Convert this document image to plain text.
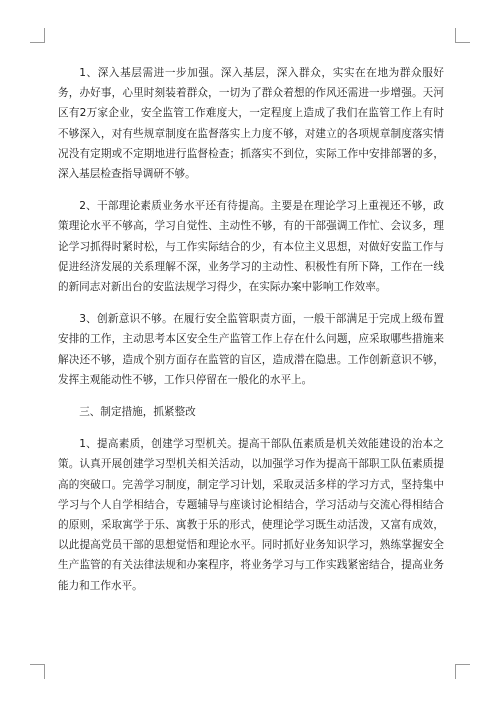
1、深入基层需进一步加强。深入基层，深入群众，实实在在地为群众服好务，办好事，心里时刻装着群众，一切为了群众着想的作风还需进一步增强。天河区有2万家企业，安全监管工作难度大，一定程度上造成了我们在监管工作上有时不够深入，对有些规章制度在监督落实上力度不够，对建立的各项规章制度落实情况没有定期或不定期地进行监督检查；抓落实不到位，实际工作中安排部署的多，深入基层检查指导调研不够。

2、干部理论素质业务水平还有待提高。主要是在理论学习上重视还不够，政策理论水平不够高，学习自觉性、主动性不够，有的干部强调工作忙、会议多，理论学习抓得时紧时松，与工作实际结合的少，有本位主义思想，对做好安监工作与促进经济发展的关系理解不深，业务学习的主动性、积极性有所下降，工作在一线的新同志对新出台的安监法规学习得少，在实际办案中影响工作效率。

3、创新意识不够。在履行安全监管职责方面，一般干部满足于完成上级布置安排的工作，主动思考本区安全生产监管工作上存在什么问题，应采取哪些措施来解决还不够，造成个别方面存在监管的盲区，造成潜在隐患。工作创新意识不够，发挥主观能动性不够，工作只停留在一般化的水平上。

三、制定措施，抓紧整改

1、提高素质，创建学习型机关。提高干部队伍素质是机关效能建设的治本之策。认真开展创建学习型机关相关活动，以加强学习作为提高干部职工队伍素质提高的突破口。完善学习制度，制定学习计划，采取灵活多样的学习方式，坚持集中学习与个人自学相结合，专题辅导与座谈讨论相结合，学习活动与交流心得相结合的原则，采取寓学于乐、寓教于乐的形式，使理论学习既生动活泼，又富有成效，以此提高党员干部的思想觉悟和理论水平。同时抓好业务知识学习，熟练掌握安全生产监管的有关法律法规和办案程序，将业务学习与工作实践紧密结合，提高业务能力和工作水平。
